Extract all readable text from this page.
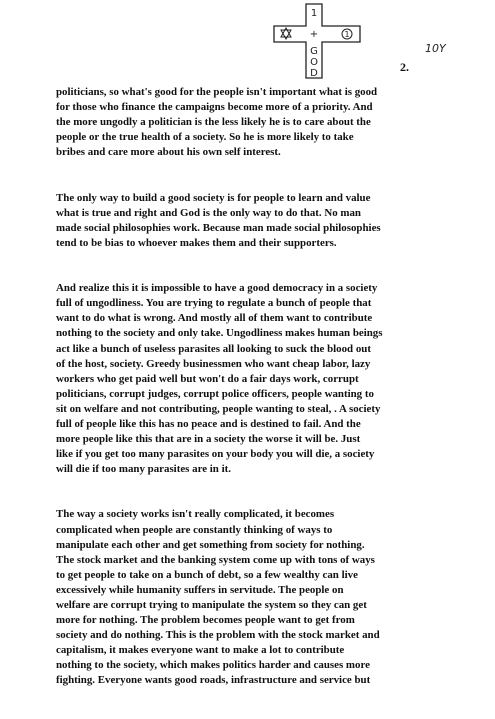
1
1
+
G
O
D
10Y
2.

politicians, so what's good for the people isn't important what is good
for those who finance the campaigns become more of a priority. And
the more ungodly a politician is the less likely he is to care about the
people or the true health of a society. So he is more likely to take
bribes and care more about his own self interest.

The only way to build a good society is for people to learn and value
what is true and right and God is the only way to do that. No man
made social philosophies work. Because man made social philosophies
tend to be bias to whoever makes them and their supporters.

And realize this it is impossible to have a good democracy in a society
full of ungodliness. You are trying to regulate a bunch of people that
want to do what is wrong. And mostly all of them want to contribute
nothing to the society and only take. Ungodliness makes human beings
act like a bunch of useless parasites all looking to suck the blood out
of the host, society. Greedy businessmen who want cheap labor, lazy
workers who get paid well but won't do a fair days work, corrupt
politicians, corrupt judges, corrupt police officers, people wanting to
sit on welfare and not contributing, people wanting to steal, . A society
full of people like this has no peace and is destined to fail. And the
more people like this that are in a society the worse it will be. Just
like if you get too many parasites on your body you will die, a society
will die if too many parasites are in it.

The way a society works isn't really complicated, it becomes
complicated when people are constantly thinking of ways to
manipulate each other and get something from society for nothing.
The stock market and the banking system come up with tons of ways
to get people to take on a bunch of debt, so a few wealthy can live
excessively while humanity suffers in servitude. The people on
welfare are corrupt trying to manipulate the system so they can get
more for nothing. The problem becomes people want to get from
society and do nothing. This is the problem with the stock market and
capitalism, it makes everyone want to make a lot to contribute
nothing to the society, which makes politics harder and causes more
fighting. Everyone wants good roads, infrastructure and service but
